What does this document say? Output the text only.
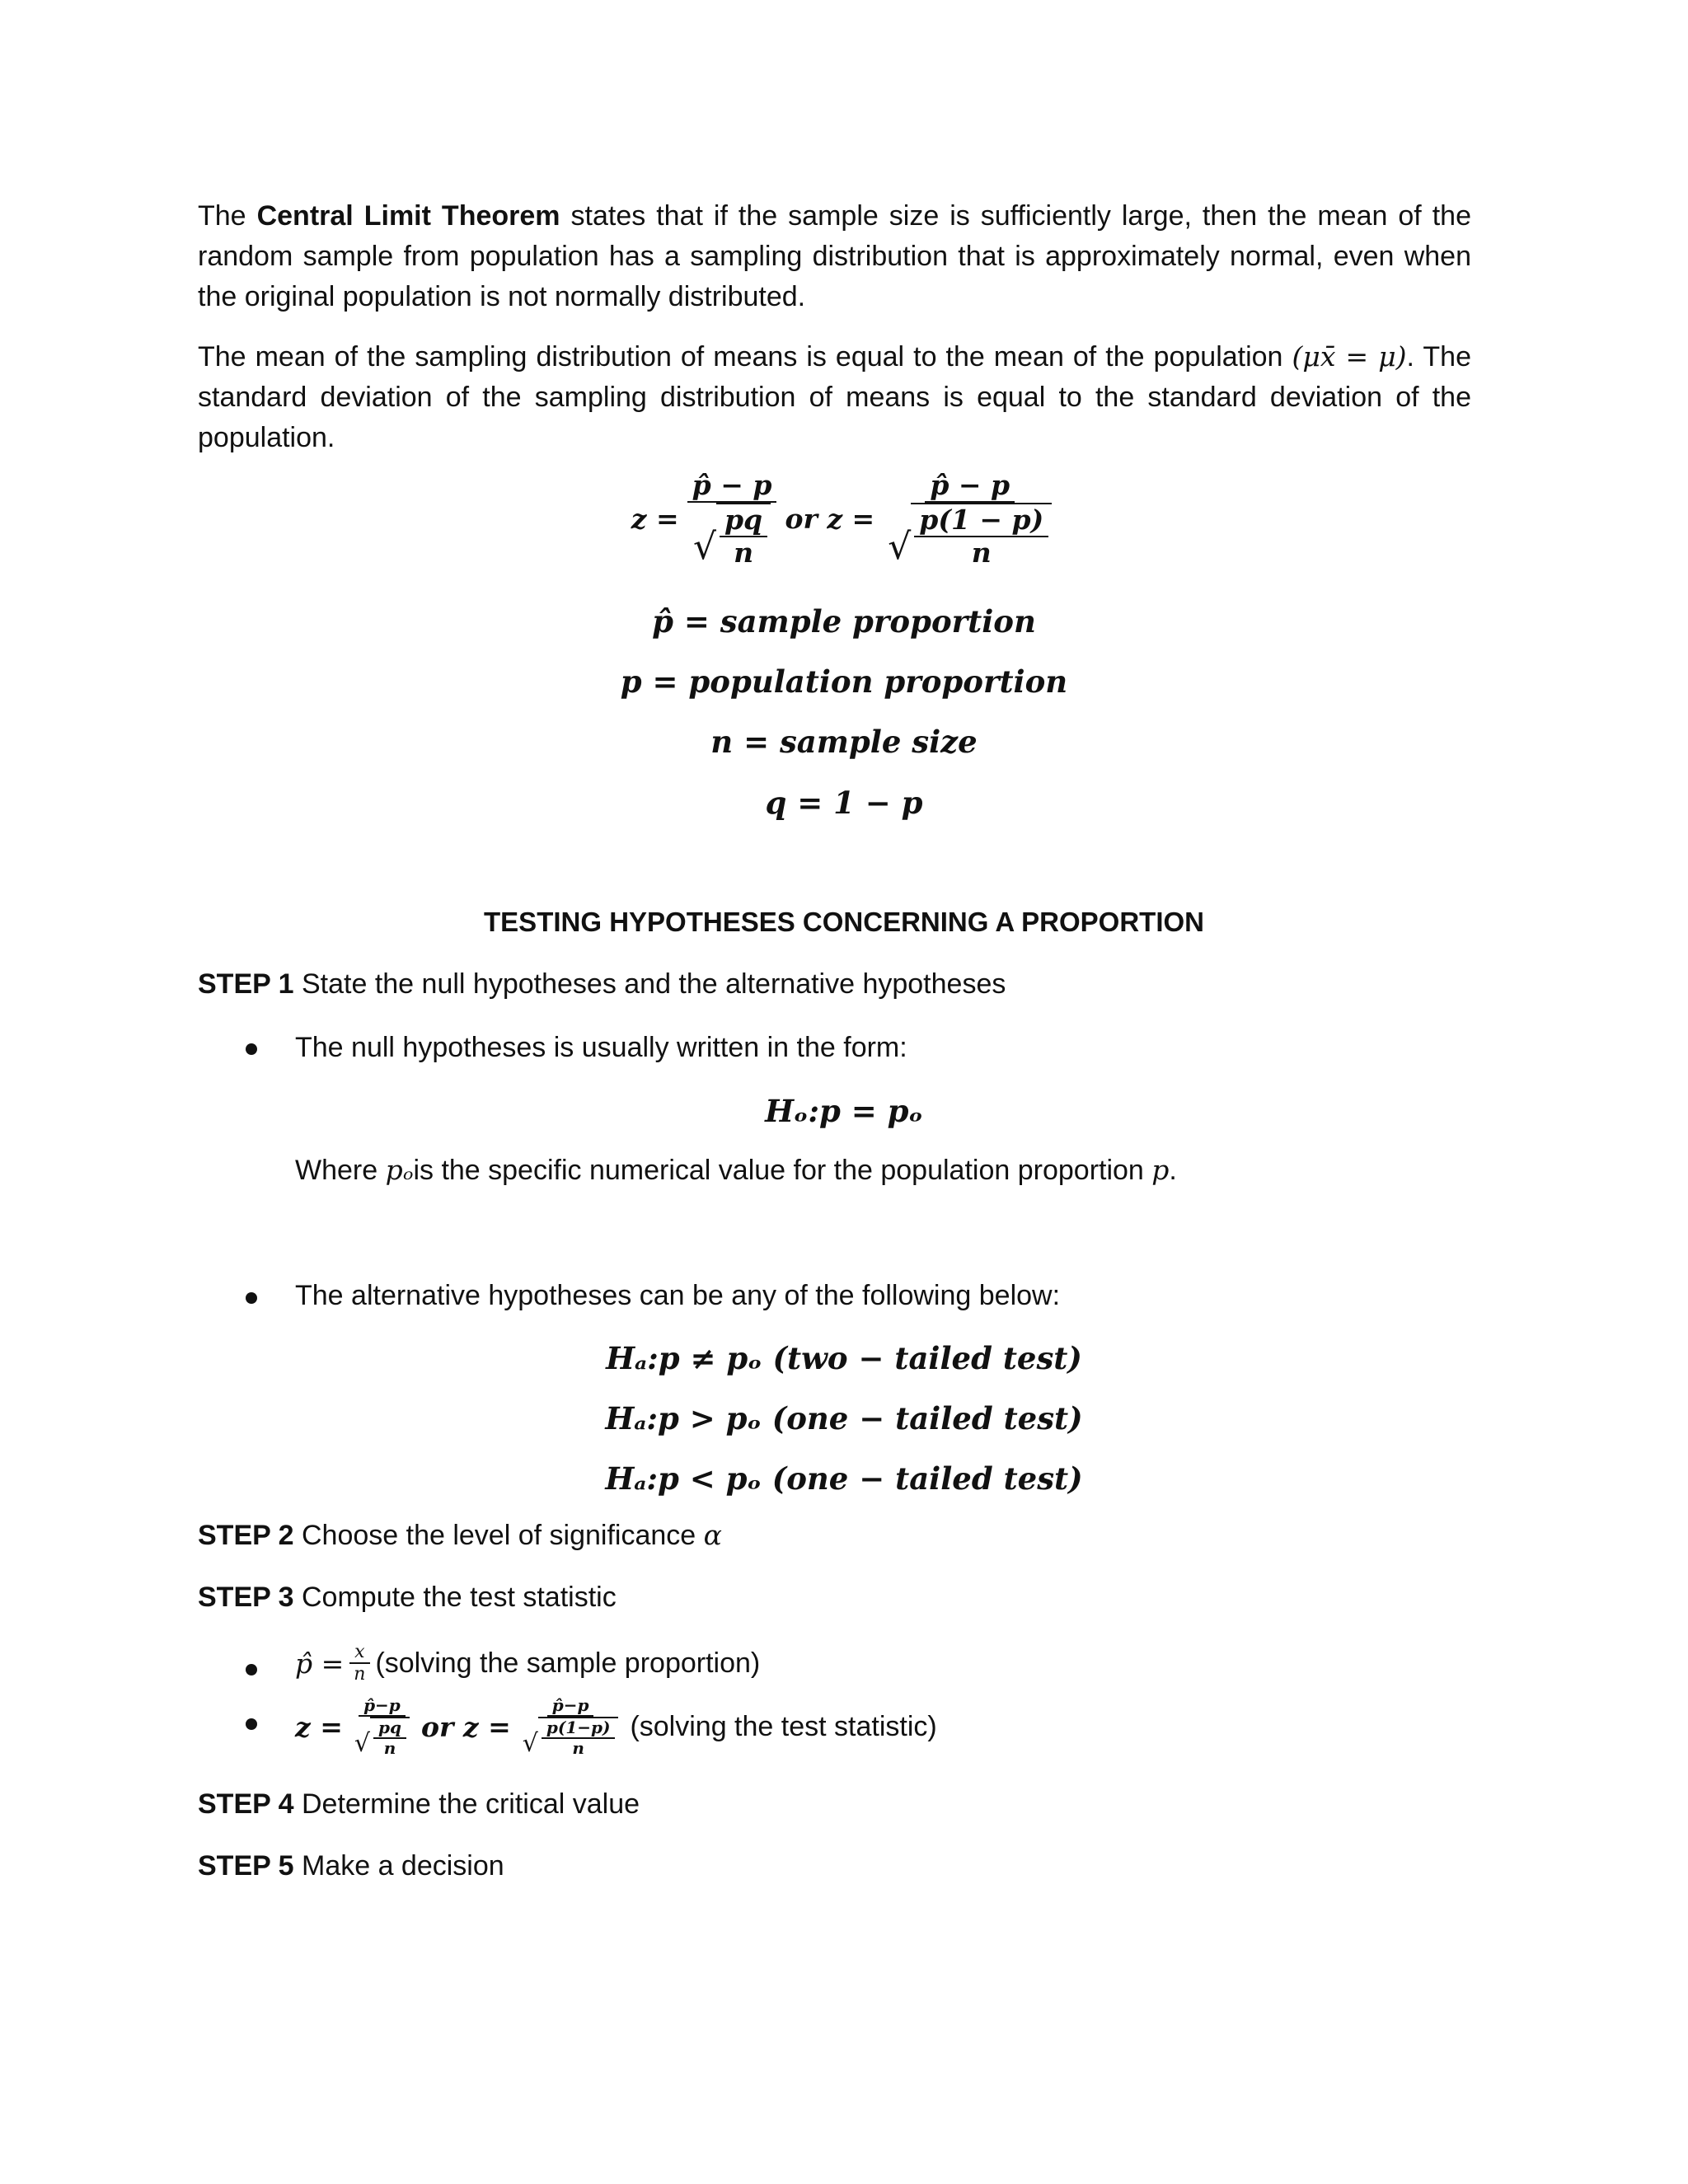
The Central Limit Theorem states that if the sample size is sufficiently large, then the mean of the random sample from population has a sampling distribution that is approximately normal, even when the original population is not normally distributed.

The mean of the sampling distribution of means is equal to the mean of the population (μx̄ = μ). The standard deviation of the sampling distribution of means is equal to the standard deviation of the population.

$z = \frac{p̂ - p}{√ \frac{pq}{n}}$ or $z = \frac{p̂ - p}{√ \frac{p(1 - p)}{n}}$
p̂ = sample proportion
p = population proportion
n = sample size
q = 1 − p
TESTING HYPOTHESES CONCERNING A PROPORTION
STEP 1 State the null hypotheses and the alternative hypotheses
The null hypotheses is usually written in the form:
Hₒ:p = pₒ
Where pₒis the specific numerical value for the population proportion p.
The alternative hypotheses can be any of the following below:
Hₐ:p ≠ pₒ (two − tailed test)
Hₐ:p > pₒ (one − tailed test)
Hₐ:p < pₒ (one − tailed test)
STEP 2 Choose the level of significance α
STEP 3 Compute the test statistic
p̂ = $\frac{x}{n}$ (solving the sample proportion)
$z = \frac{p̂-p}{√ \frac{pq}{n}}$ or $z = \frac{p̂-p}{√ \frac{p(1-p)}{n}}$ (solving the test statistic)
STEP 4 Determine the critical value
STEP 5 Make a decision
